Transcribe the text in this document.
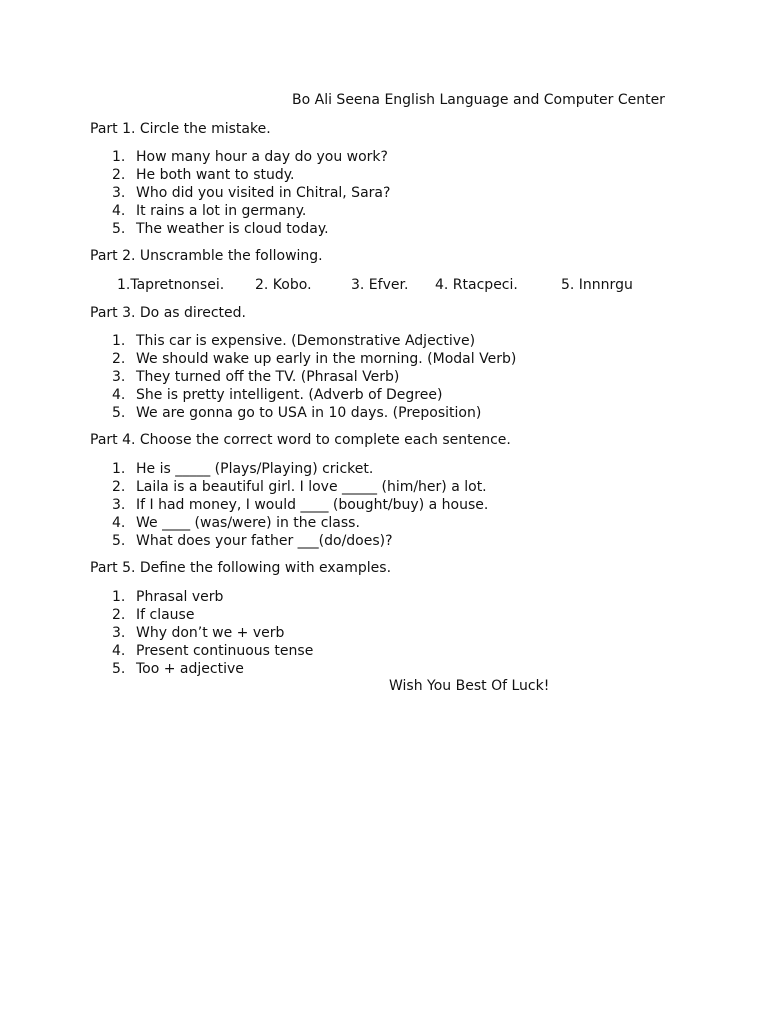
Bo Ali Seena English Language and Computer Center
Part 1. Circle the mistake.
1. How many hour a day do you work?
2. He both want to study.
3. Who did you visited in Chitral, Sara?
4. It rains a lot in germany.
5. The weather is cloud today.
Part 2. Unscramble the following.
1.Tapretnonsei. 2. Kobo.	3. Efver. 4. Rtacpeci.	5. Innnrgu
Part 3. Do as directed.
1. This car is expensive. (Demonstrative Adjective)
2. We should wake up early in the morning. (Modal Verb)
3. They turned off the TV. (Phrasal Verb)
4. She is pretty intelligent. (Adverb of Degree)
5. We are gonna go to USA in 10 days. (Preposition)
Part 4. Choose the correct word to complete each sentence.
1. He is _____ (Plays/Playing) cricket.
2. Laila is a beautiful girl. I love _____ (him/her) a lot.
3. If I had money, I would ____ (bought/buy) a house.
4. We ____ (was/were) in the class.
5. What does your father ___(do/does)?
Part 5. Define the following with examples.
1. Phrasal verb
2. If clause
3. Why don’t we + verb
4. Present continuous tense
5. Too + adjective
Wish You Best Of Luck!
